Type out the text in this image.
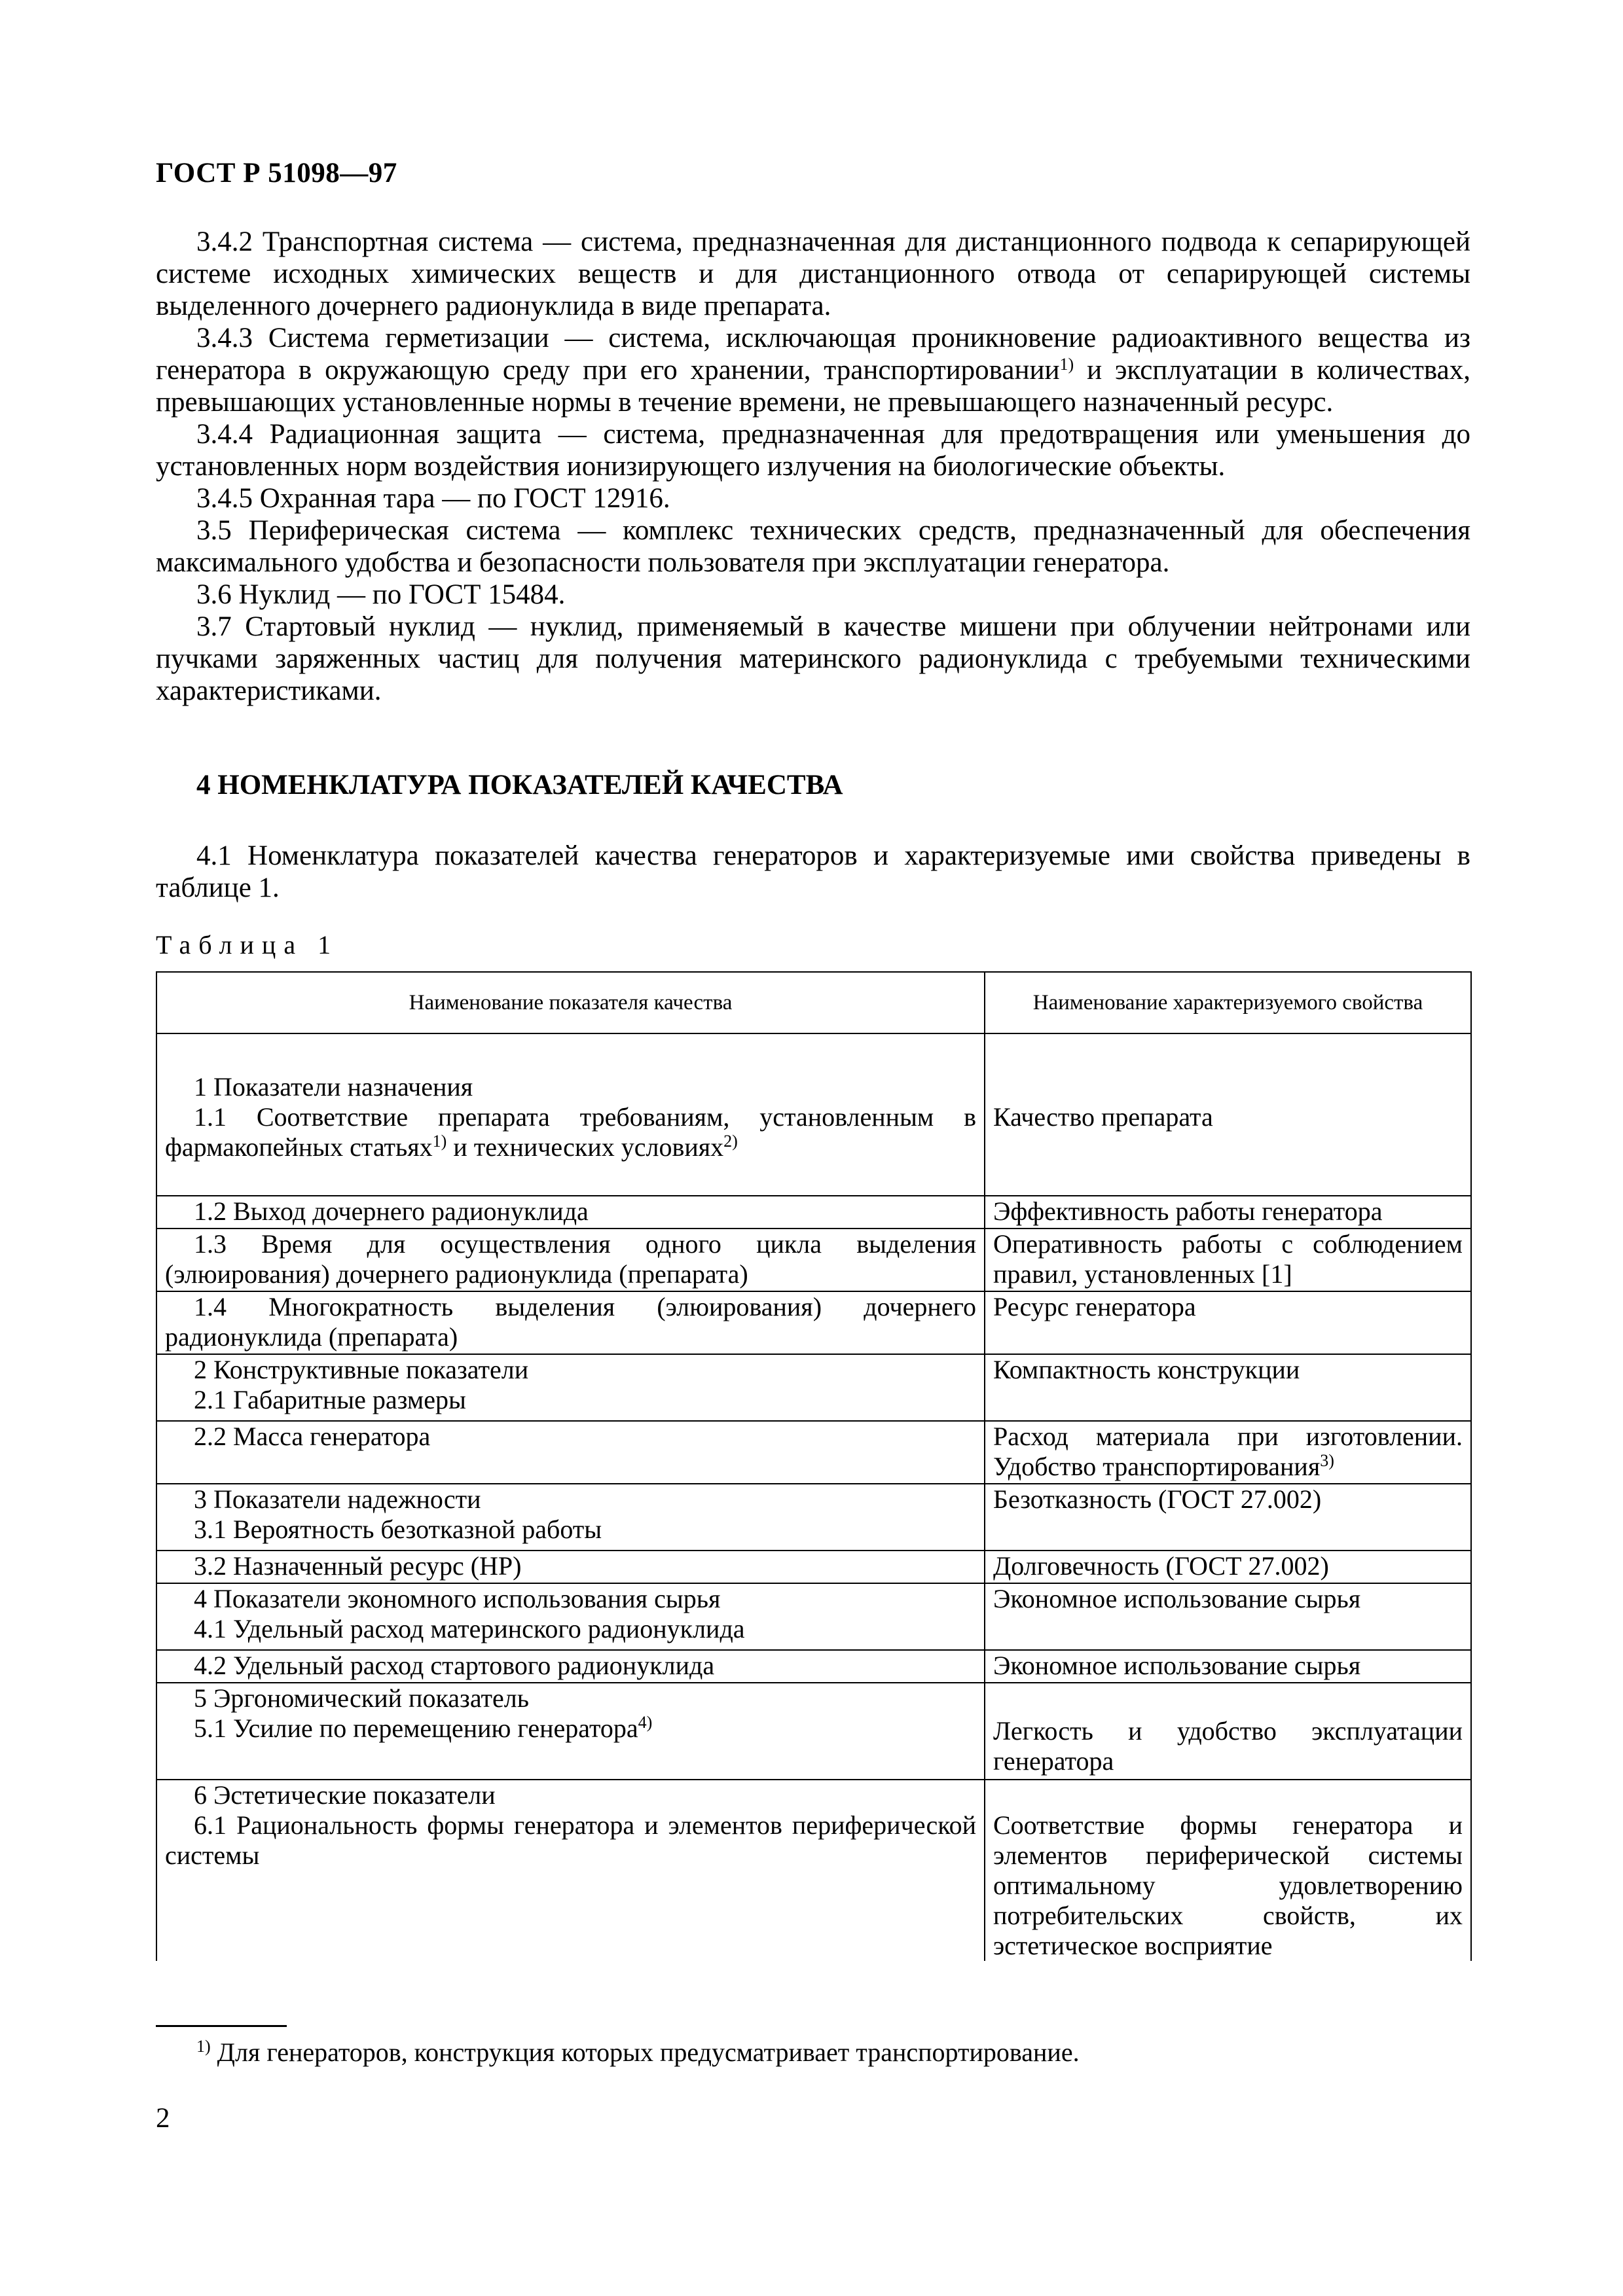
ГОСТ Р 51098—97

3.4.2 Транспортная система — система, предназначенная для дистанционного подвода к сепарирующей системе исходных химических веществ и для дистанционного отвода от сепарирующей системы выделенного дочернего радионуклида в виде препарата.

3.4.3 Система герметизации — система, исключающая проникновение радиоактивного вещества из генератора в окружающую среду при его хранении, транспортировании$^{1)}$ и эксплуатации в количествах, превышающих установленные нормы в течение времени, не превышающего назначенный ресурс.

3.4.4 Радиационная защита — система, предназначенная для предотвращения или уменьшения до установленных норм воздействия ионизирующего излучения на биологические объекты.

3.4.5 Охранная тара — по ГОСТ 12916.

3.5 Периферическая система — комплекс технических средств, предназначенный для обеспечения максимального удобства и безопасности пользователя при эксплуатации генератора.

3.6 Нуклид — по ГОСТ 15484.

3.7 Стартовый нуклид — нуклид, применяемый в качестве мишени при облучении нейтронами или пучками заряженных частиц для получения материнского радионуклида с требуемыми техническими характеристиками.

4 НОМЕНКЛАТУРА ПОКАЗАТЕЛЕЙ КАЧЕСТВА

4.1 Номенклатура показателей качества генераторов и характеризуемые ими свойства приведены в таблице 1.

Таблица 1
Наименование показателя качества	Наименование характеризуемого свойства

1 Показатели назначения
1.1 Соответствие препарата требованиям, установленным в фармакопейных статьях$^{1)}$ и технических условиях$^{2)}$	Качество препарата

1.2 Выход дочернего радионуклида	Эффективность работы генератора

1.3 Время для осуществления одного цикла выделения (элюирования) дочернего радионуклида (препарата)	Оперативность работы с соблюдением правил, установленных [1]

1.4 Многократность выделения (элюирования) дочернего радионуклида (препарата)	Ресурс генератора

2 Конструктивные показатели
2.1 Габаритные размеры	Компактность конструкции

2.2 Масса генератора	Расход материала при изготовлении. Удобство транспортирования$^{3)}$

3 Показатели надежности
3.1 Вероятность безотказной работы	Безотказность (ГОСТ 27.002)

3.2 Назначенный ресурс (НР)	Долговечность (ГОСТ 27.002)

4 Показатели экономного использования сырья
4.1 Удельный расход материнского радионуклида	Экономное использование сырья

4.2 Удельный расход стартового радионуклида	Экономное использование сырья

5 Эргономический показатель
5.1 Усилие по перемещению генератора$^{4)}$	Легкость и удобство эксплуатации генератора

6 Эстетические показатели
6.1 Рациональность формы генератора и элементов периферической системы	Соответствие формы генератора и элементов периферической системы оптимальному удовлетворению потребительских свойств, их эстетическое восприятие
$^{1)}$ Для генераторов, конструкция которых предусматривает транспортирование.
2
